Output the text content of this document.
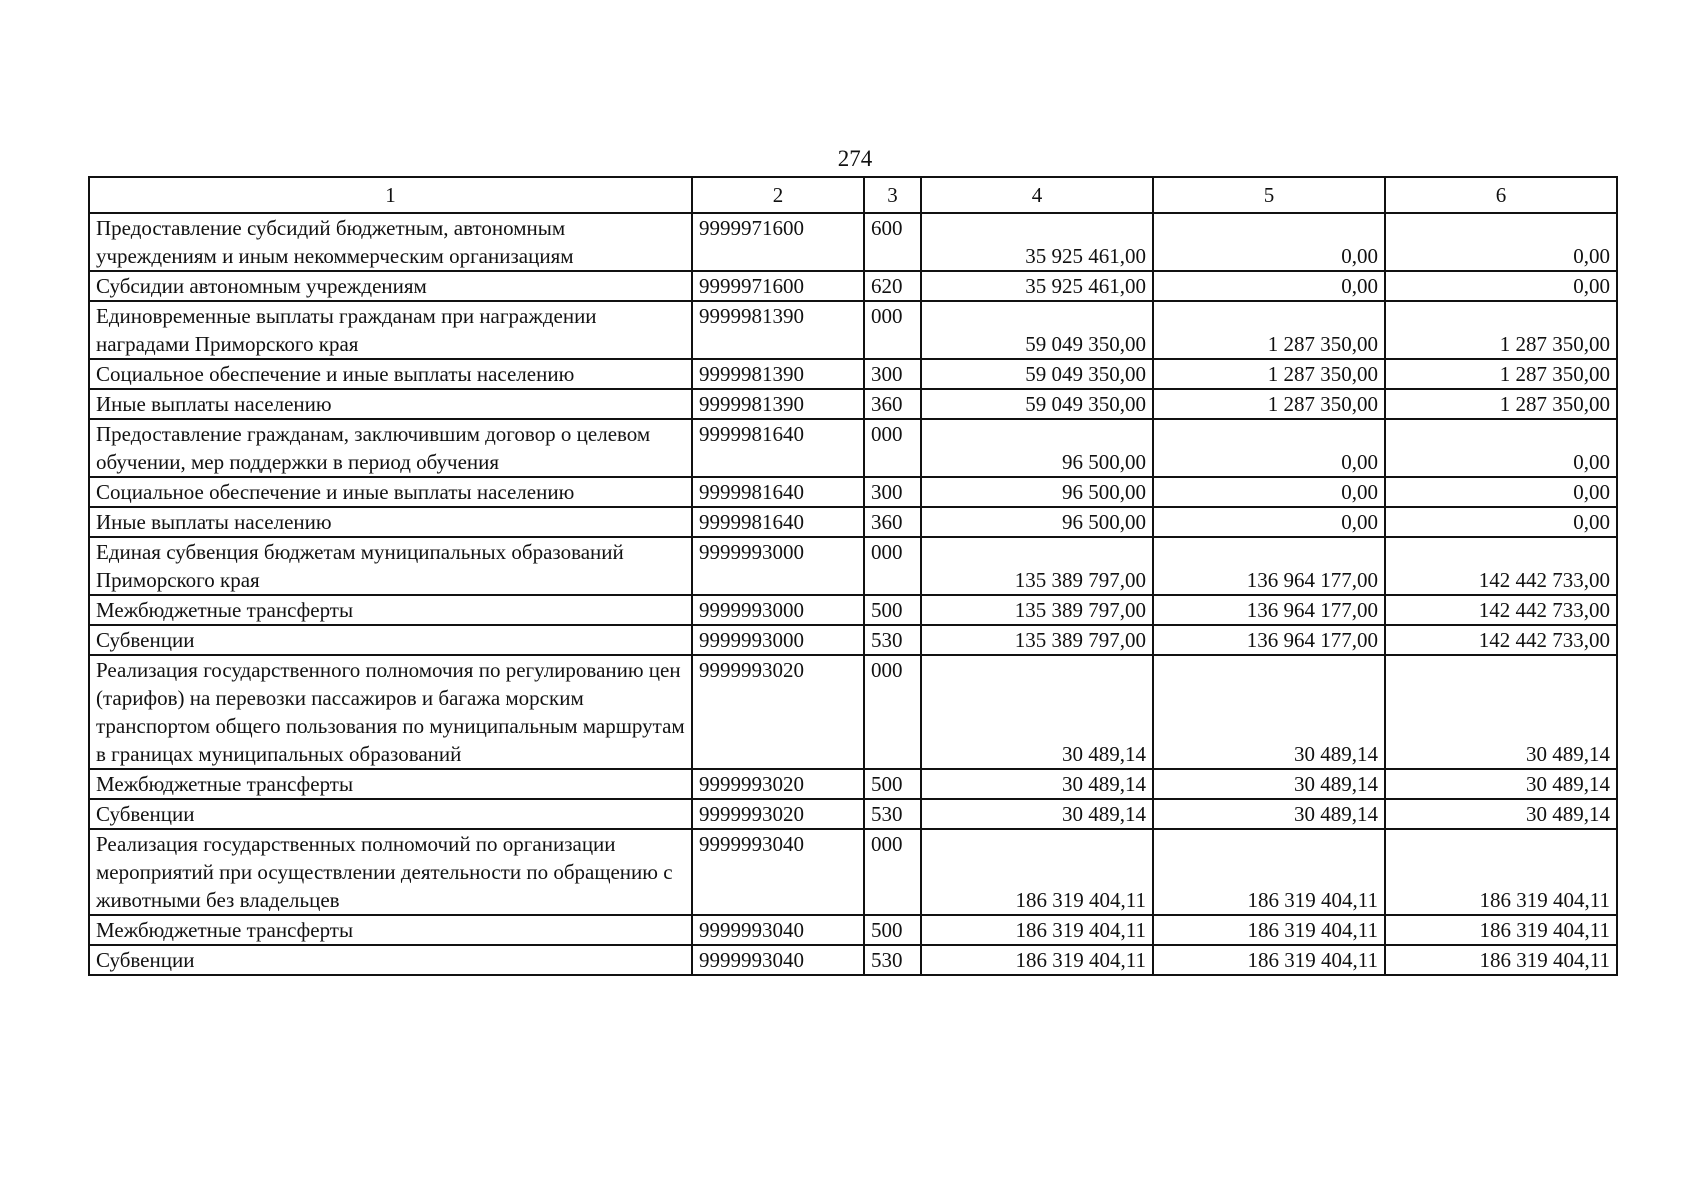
274
1	2	3	4	5	6
Предоставление субсидий бюджетным, автономным учреждениям и иным некоммерческим организациям	9999971600	600	35 925 461,00	0,00	0,00
Субсидии автономным учреждениям	9999971600	620	35 925 461,00	0,00	0,00
Единовременные выплаты гражданам при награждении наградами Приморского края	9999981390	000	59 049 350,00	1 287 350,00	1 287 350,00
Социальное обеспечение и иные выплаты населению	9999981390	300	59 049 350,00	1 287 350,00	1 287 350,00
Иные выплаты населению	9999981390	360	59 049 350,00	1 287 350,00	1 287 350,00
Предоставление гражданам, заключившим договор о целевом обучении, мер поддержки в период обучения	9999981640	000	96 500,00	0,00	0,00
Социальное обеспечение и иные выплаты населению	9999981640	300	96 500,00	0,00	0,00
Иные выплаты населению	9999981640	360	96 500,00	0,00	0,00
Единая субвенция бюджетам муниципальных образований Приморского края	9999993000	000	135 389 797,00	136 964 177,00	142 442 733,00
Межбюджетные трансферты	9999993000	500	135 389 797,00	136 964 177,00	142 442 733,00
Субвенции	9999993000	530	135 389 797,00	136 964 177,00	142 442 733,00
Реализация государственного полномочия по регулированию цен (тарифов) на перевозки пассажиров и багажа морским транспортом общего пользования по муниципальным маршрутам в границах муниципальных образований	9999993020	000	30 489,14	30 489,14	30 489,14
Межбюджетные трансферты	9999993020	500	30 489,14	30 489,14	30 489,14
Субвенции	9999993020	530	30 489,14	30 489,14	30 489,14
Реализация государственных полномочий по организации мероприятий при осуществлении деятельности по обращению с животными без владельцев	9999993040	000	186 319 404,11	186 319 404,11	186 319 404,11
Межбюджетные трансферты	9999993040	500	186 319 404,11	186 319 404,11	186 319 404,11
Субвенции	9999993040	530	186 319 404,11	186 319 404,11	186 319 404,11
